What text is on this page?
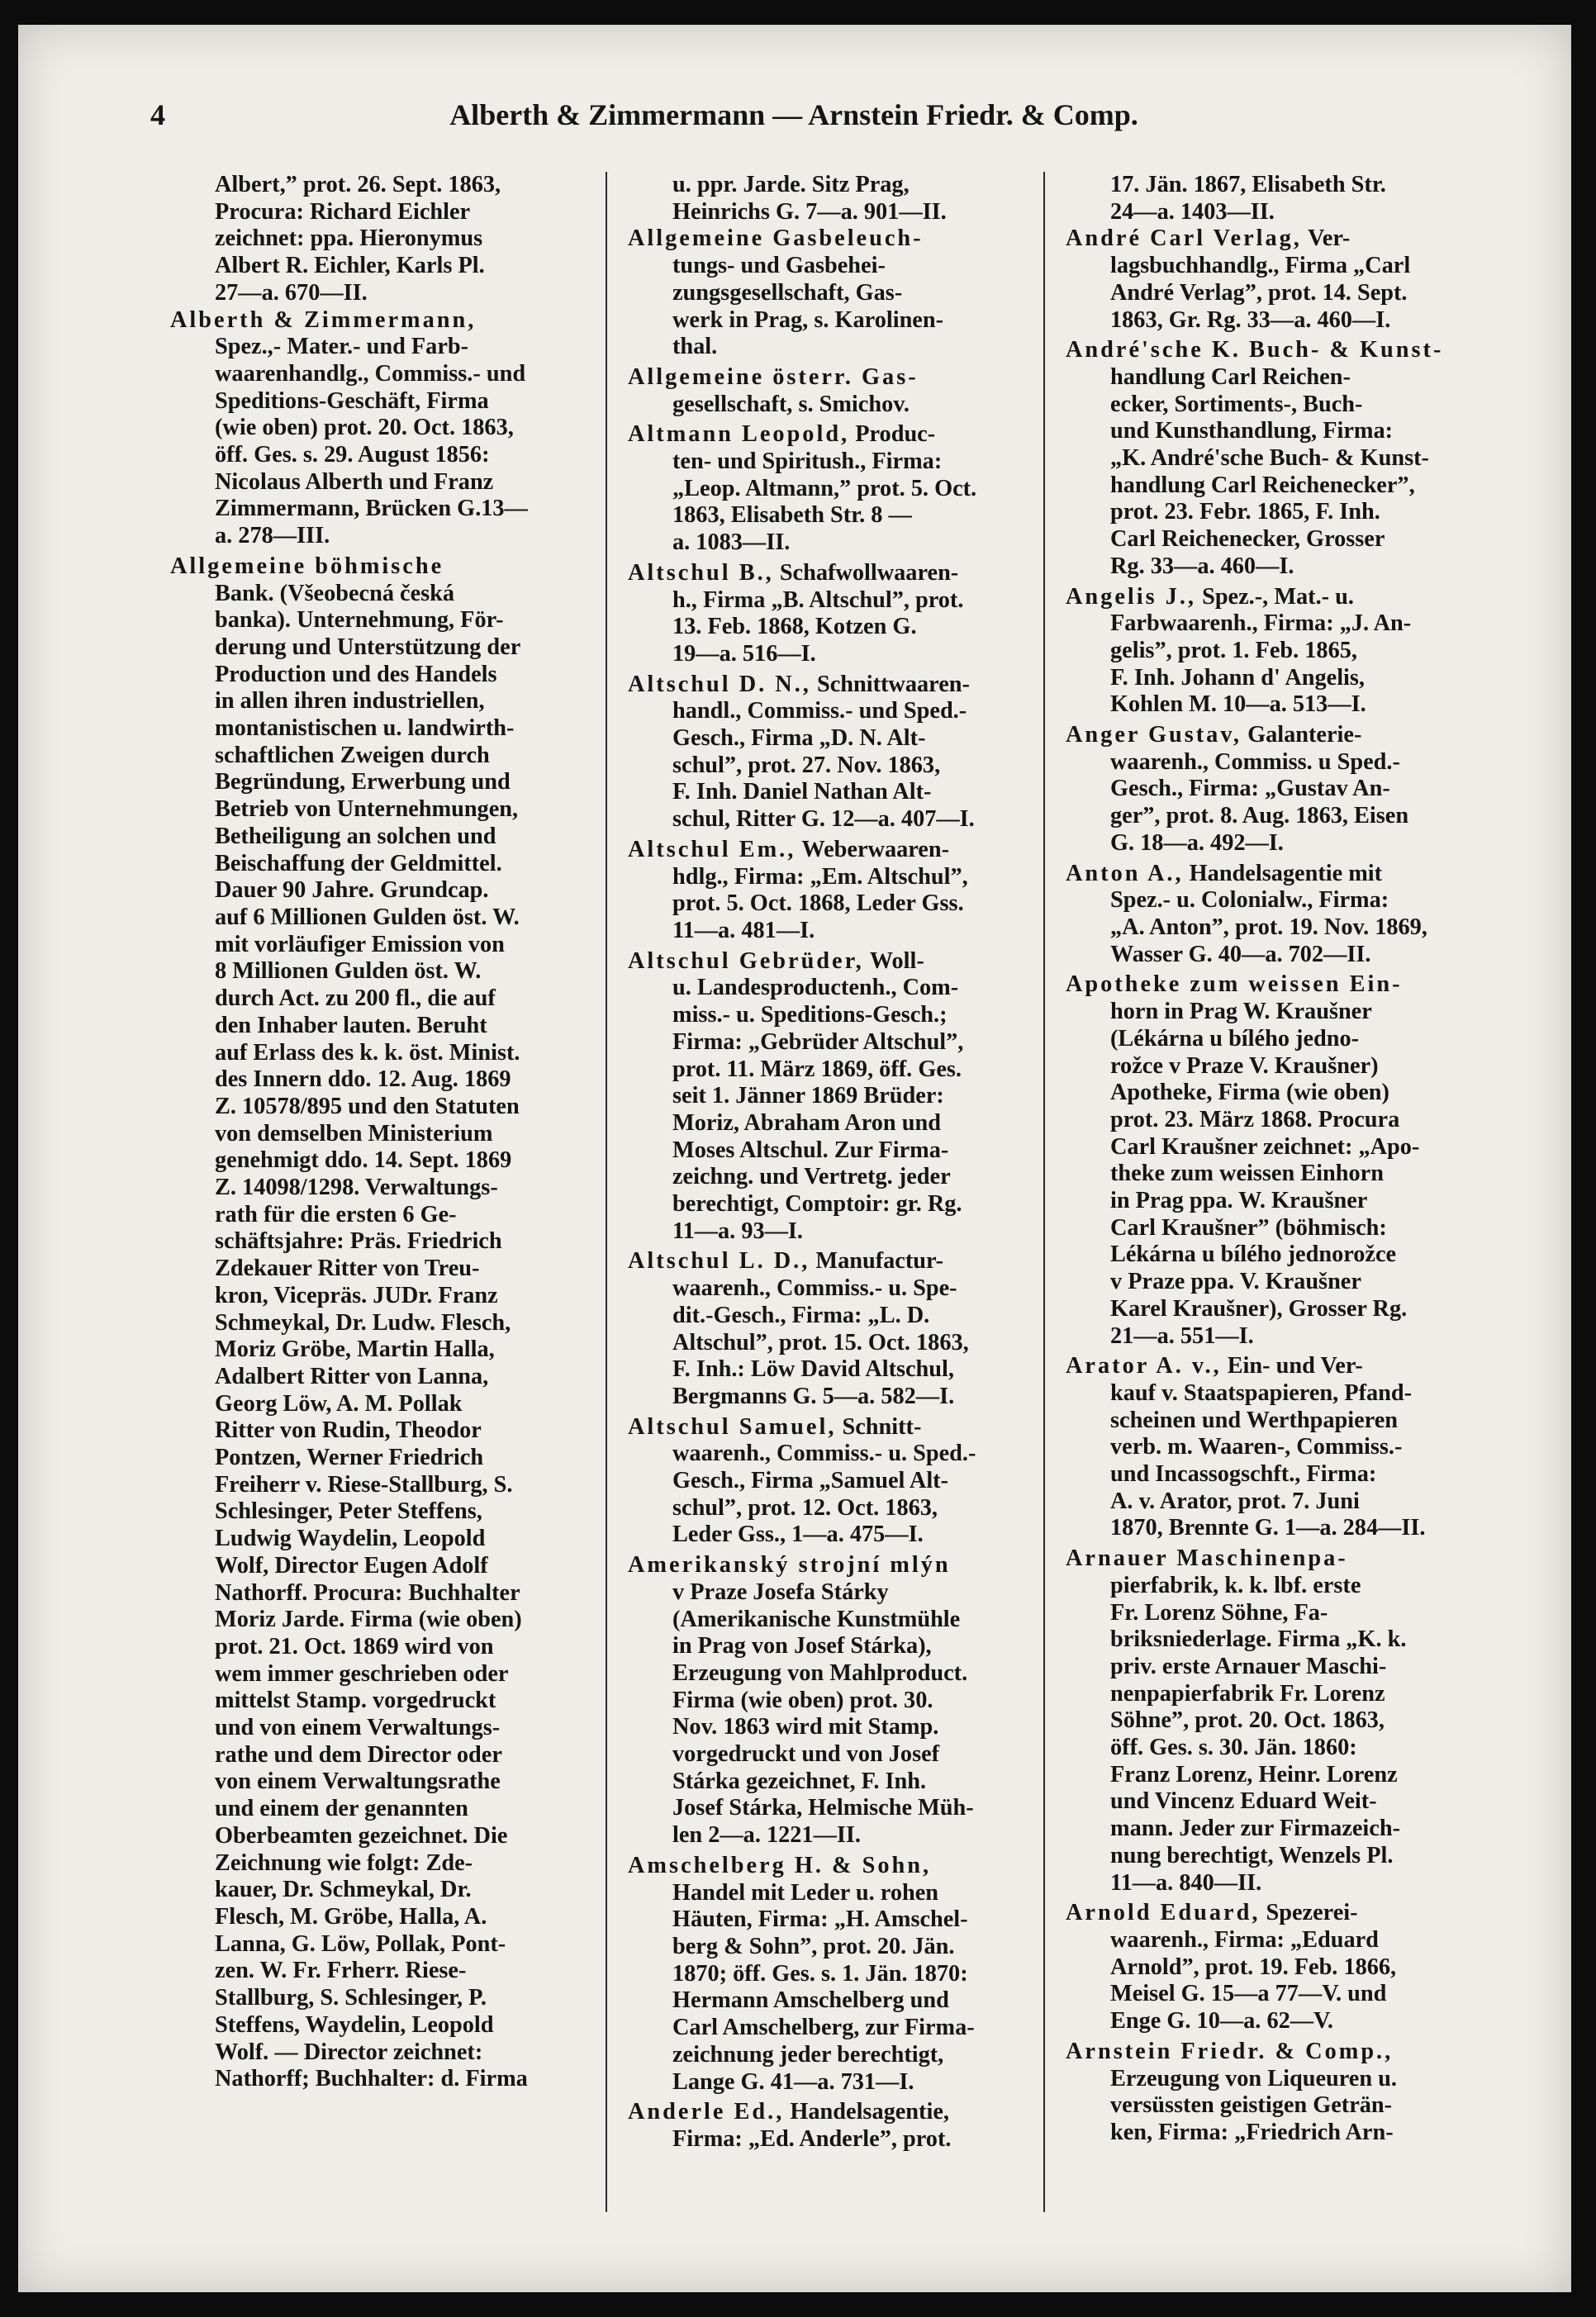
4	Alberth & Zimmermann — Arnstein Friedr. & Comp.

Albert,” prot. 26. Sept. 1863,
Procura: Richard Eichler
zeichnet: ppa. Hieronymus
Albert R. Eichler, Karls Pl.
27—a. 670—II.

Alberth & Zimmermann,
Spez.,- Mater.- und Farb-
waarenhandlg., Commiss.- und
Speditions-Geschäft, Firma
(wie oben) prot. 20. Oct. 1863,
öff. Ges. s. 29. August 1856:
Nicolaus Alberth und Franz
Zimmermann, Brücken G.13—
a. 278—III.

Allgemeine böhmische
Bank. (Všeobecná česká
banka). Unternehmung, För-
derung und Unterstützung der
Production und des Handels
in allen ihren industriellen,
montanistischen u. landwirth-
schaftlichen Zweigen durch
Begründung, Erwerbung und
Betrieb von Unternehmungen,
Betheiligung an solchen und
Beischaffung der Geldmittel.
Dauer 90 Jahre. Grundcap.
auf 6 Millionen Gulden öst. W.
mit vorläufiger Emission von
8 Millionen Gulden öst. W.
durch Act. zu 200 fl., die auf
den Inhaber lauten. Beruht
auf Erlass des k. k. öst. Minist.
des Innern ddo. 12. Aug. 1869
Z. 10578/895 und den Statuten
von demselben Ministerium
genehmigt ddo. 14. Sept. 1869
Z. 14098/1298. Verwaltungs-
rath für die ersten 6 Ge-
schäftsjahre: Präs. Friedrich
Zdekauer Ritter von Treu-
kron, Vicepräs. JUDr. Franz
Schmeykal, Dr. Ludw. Flesch,
Moriz Gröbe, Martin Halla,
Adalbert Ritter von Lanna,
Georg Löw, A. M. Pollak
Ritter von Rudin, Theodor
Pontzen, Werner Friedrich
Freiherr v. Riese-Stallburg, S.
Schlesinger, Peter Steffens,
Ludwig Waydelin, Leopold
Wolf, Director Eugen Adolf
Nathorff. Procura: Buchhalter
Moriz Jarde. Firma (wie oben)
prot. 21. Oct. 1869 wird von
wem immer geschrieben oder
mittelst Stamp. vorgedruckt
und von einem Verwaltungs-
rathe und dem Director oder
von einem Verwaltungsrathe
und einem der genannten
Oberbeamten gezeichnet. Die
Zeichnung wie folgt: Zde-
kauer, Dr. Schmeykal, Dr.
Flesch, M. Gröbe, Halla, A.
Lanna, G. Löw, Pollak, Pont-
zen. W. Fr. Frherr. Riese-
Stallburg, S. Schlesinger, P.
Steffens, Waydelin, Leopold
Wolf. — Director zeichnet:
Nathorff; Buchhalter: d. Firma

u. ppr. Jarde. Sitz Prag,
Heinrichs G. 7—a. 901—II.

Allgemeine Gasbeleuch-
tungs- und Gasbehei-
zungsgesellschaft, Gas-
werk in Prag, s. Karolinen-
thal.

Allgemeine österr. Gas-
gesellschaft, s. Smichov.

Altmann Leopold, Produc-
ten- und Spiritush., Firma:
„Leop. Altmann,” prot. 5. Oct.
1863, Elisabeth Str. 8 —
a. 1083—II.

Altschul B., Schafwollwaaren-
h., Firma „B. Altschul”, prot.
13. Feb. 1868, Kotzen G.
19—a. 516—I.

Altschul D. N., Schnittwaaren-
handl., Commiss.- und Sped.-
Gesch., Firma „D. N. Alt-
schul”, prot. 27. Nov. 1863,
F. Inh. Daniel Nathan Alt-
schul, Ritter G. 12—a. 407—I.

Altschul Em., Weberwaaren-
hdlg., Firma: „Em. Altschul”,
prot. 5. Oct. 1868, Leder Gss.
11—a. 481—I.

Altschul Gebrüder, Woll-
u. Landesproductenh., Com-
miss.- u. Speditions-Gesch.;
Firma: „Gebrüder Altschul”,
prot. 11. März 1869, öff. Ges.
seit 1. Jänner 1869 Brüder:
Moriz, Abraham Aron und
Moses Altschul. Zur Firma-
zeichng. und Vertretg. jeder
berechtigt, Comptoir: gr. Rg.
11—a. 93—I.

Altschul L. D., Manufactur-
waarenh., Commiss.- u. Spe-
dit.-Gesch., Firma: „L. D.
Altschul”, prot. 15. Oct. 1863,
F. Inh.: Löw David Altschul,
Bergmanns G. 5—a. 582—I.

Altschul Samuel, Schnitt-
waarenh., Commiss.- u. Sped.-
Gesch., Firma „Samuel Alt-
schul”, prot. 12. Oct. 1863,
Leder Gss., 1—a. 475—I.

Amerikanský strojní mlýn
v Praze Josefa Stárky
(Amerikanische Kunstmühle
in Prag von Josef Stárka),
Erzeugung von Mahlproduct.
Firma (wie oben) prot. 30.
Nov. 1863 wird mit Stamp.
vorgedruckt und von Josef
Stárka gezeichnet, F. Inh.
Josef Stárka, Helmische Müh-
len 2—a. 1221—II.

Amschelberg H. & Sohn,
Handel mit Leder u. rohen
Häuten, Firma: „H. Amschel-
berg & Sohn”, prot. 20. Jän.
1870; öff. Ges. s. 1. Jän. 1870:
Hermann Amschelberg und
Carl Amschelberg, zur Firma-
zeichnung jeder berechtigt,
Lange G. 41—a. 731—I.

Anderle Ed., Handelsagentie,
Firma: „Ed. Anderle”, prot.

17. Jän. 1867, Elisabeth Str.
24—a. 1403—II.

André Carl Verlag, Ver-
lagsbuchhandlg., Firma „Carl
André Verlag”, prot. 14. Sept.
1863, Gr. Rg. 33—a. 460—I.

André'sche K. Buch- & Kunst-
handlung Carl Reichen-
ecker, Sortiments-, Buch-
und Kunsthandlung, Firma:
„K. André'sche Buch- & Kunst-
handlung Carl Reichenecker”,
prot. 23. Febr. 1865, F. Inh.
Carl Reichenecker, Grosser
Rg. 33—a. 460—I.

Angelis J., Spez.-, Mat.- u.
Farbwaarenh., Firma: „J. An-
gelis”, prot. 1. Feb. 1865,
F. Inh. Johann d' Angelis,
Kohlen M. 10—a. 513—I.

Anger Gustav, Galanterie-
waarenh., Commiss. u Sped.-
Gesch., Firma: „Gustav An-
ger”, prot. 8. Aug. 1863, Eisen
G. 18—a. 492—I.

Anton A., Handelsagentie mit
Spez.- u. Colonialw., Firma:
„A. Anton”, prot. 19. Nov. 1869,
Wasser G. 40—a. 702—II.

Apotheke zum weissen Ein-
horn in Prag W. Kraušner
(Lékárna u bílého jedno-
rožce v Praze V. Kraušner)
Apotheke, Firma (wie oben)
prot. 23. März 1868. Procura
Carl Kraušner zeichnet: „Apo-
theke zum weissen Einhorn
in Prag ppa. W. Kraušner
Carl Kraušner” (böhmisch:
Lékárna u bílého jednorožce
v Praze ppa. V. Kraušner
Karel Kraušner), Grosser Rg.
21—a. 551—I.

Arator A. v., Ein- und Ver-
kauf v. Staatspapieren, Pfand-
scheinen und Werthpapieren
verb. m. Waaren-, Commiss.-
und Incassogschft., Firma:
A. v. Arator, prot. 7. Juni
1870, Brennte G. 1—a. 284—II.

Arnauer Maschinenpa-
pierfabrik, k. k. lbf. erste
Fr. Lorenz Söhne, Fa-
briksniederlage. Firma „K. k.
priv. erste Arnauer Maschi-
nenpapierfabrik Fr. Lorenz
Söhne”, prot. 20. Oct. 1863,
öff. Ges. s. 30. Jän. 1860:
Franz Lorenz, Heinr. Lorenz
und Vincenz Eduard Weit-
mann. Jeder zur Firmazeich-
nung berechtigt, Wenzels Pl.
11—a. 840—II.

Arnold Eduard, Spezerei-
waarenh., Firma: „Eduard
Arnold”, prot. 19. Feb. 1866,
Meisel G. 15—a 77—V. und
Enge G. 10—a. 62—V.

Arnstein Friedr. & Comp.,
Erzeugung von Liqueuren u.
versüssten geistigen Geträn-
ken, Firma: „Friedrich Arn-
